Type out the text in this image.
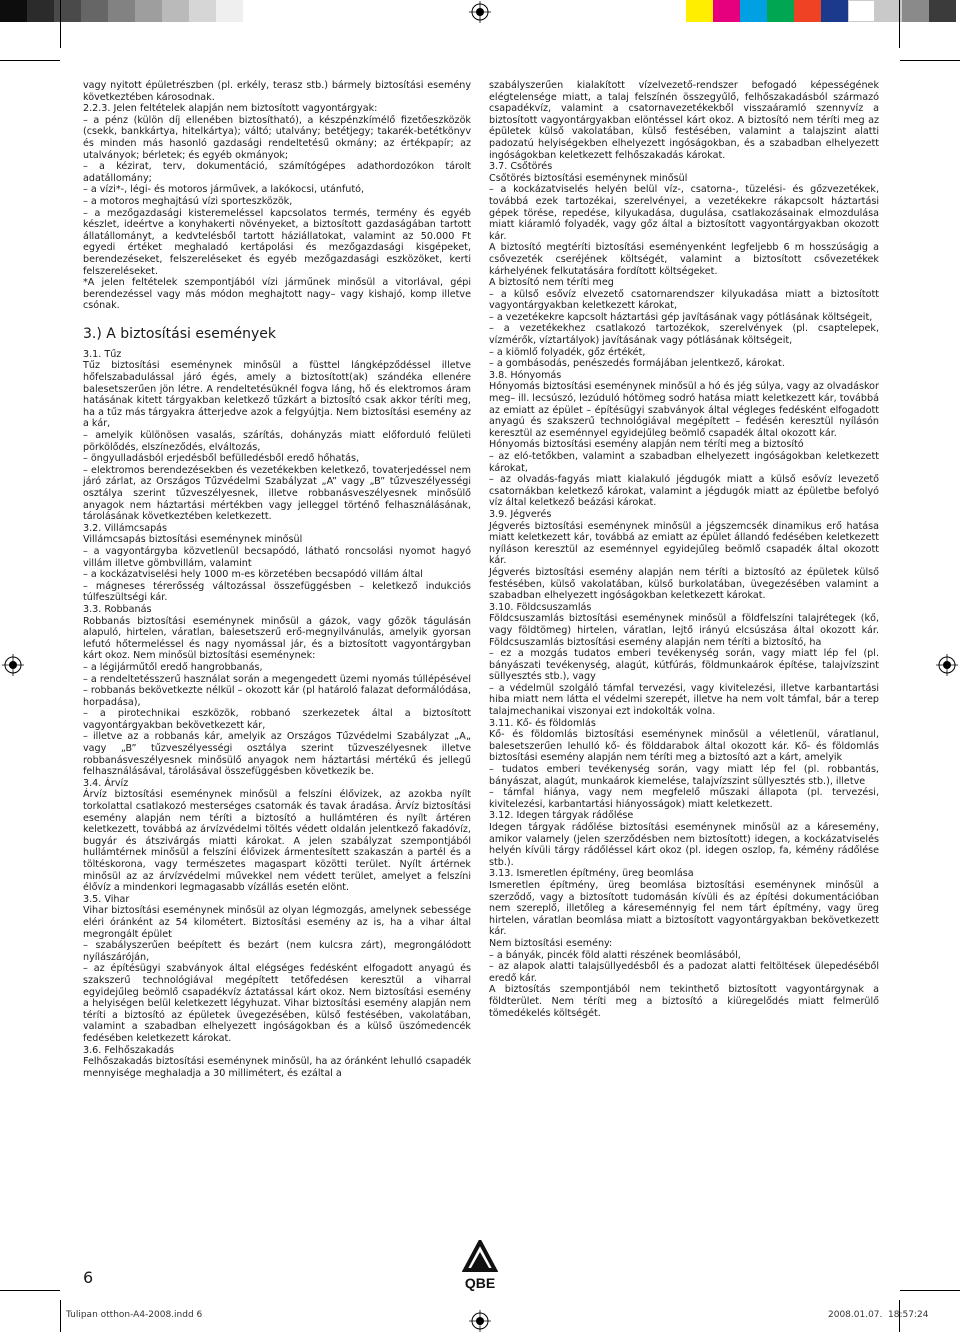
vagy nyitott épületrészben (pl. erkély, terasz stb.) bármely biztosítási esemény következtében károsodnak.

2.2.3. Jelen feltételek alapján nem biztosított vagyontárgyak:

– a pénz (külön díj ellenében biztosítható), a készpénzkímélő fizetőeszközök (csekk, bankkártya, hitelkártya); váltó; utalvány; betétjegy; takarék-betétkönyv és minden más hasonló gazdasági rendeltetésű okmány; az értékpapír; az utalványok; bérletek; és egyéb okmányok;

– a kézirat, terv, dokumentáció, számítógépes adathordozókon tárolt adatállomány;

– a vízi*-, légi- és motoros járművek, a lakókocsi, utánfutó,

– a motoros meghajtású vízi sporteszközök,

– a mezőgazdasági kisteremeléssel kapcsolatos termés, termény és egyéb készlet, ideértve a konyhakerti növényeket, a biztosított gazdaságában tartott állatállományt, a kedvtelésből tartott háziállatokat, valamint az 50.000 Ft egyedi értéket meghaladó kertápolási és mezőgazdasági kisgépeket, berendezéseket, felszereléseket és egyéb mezőgazdasági eszközöket, kerti felszereléseket.

*A jelen feltételek szempontjából vízi járműnek minősül a vitorlával, gépi berendezéssel vagy más módon meghajtott nagy– vagy kishajó, komp illetve csónak.

3.) A biztosítási események

3.1. Tűz

Tűz biztosítási eseménynek minősül a füsttel lángképződéssel illetve hőfelszabadulással járó égés, amely a biztosított(ak) szándéka ellenére balesetszerűen jön létre. A rendeltetésüknél fogva láng, hő és elektromos áram hatásának kitett tárgyakban keletkező tűzkárt a biztosító csak akkor téríti meg, ha a tűz más tárgyakra átterjedve azok a felgyújtja. Nem biztosítási esemény az a kár,

– amelyik különösen vasalás, szárítás, dohányzás miatt előforduló felületi pörkölődés, elszíneződés, elváltozás,

– öngyulladásból erjedésből befülledésből eredő hőhatás,

– elektromos berendezésekben és vezetékekben keletkező, tovaterjedéssel nem járó zárlat, az Országos Tűzvédelmi Szabályzat „A” vagy „B” tűzveszélyességi osztálya szerint tűzveszélyesnek, illetve robbanásveszélyesnek minősülő anyagok nem háztartási mértékben vagy jelleggel történő felhasználásának, tárolásának következtében keletkezett.

3.2. Villámcsapás

Villámcsapás biztosítási eseménynek minősül

– a vagyontárgyba közvetlenül becsapódó, látható roncsolási nyomot hagyó villám illetve gömbvillám, valamint

– a kockázatviselési hely 1000 m-es körzetében becsapódó villám által

– mágneses térerősség változással összefüggésben – keletkező indukciós túlfeszültségi kár.

3.3. Robbanás

Robbanás biztosítási eseménynek minősül a gázok, vagy gőzök tágulásán alapuló, hirtelen, váratlan, balesetszerű erő-megnyilvánulás, amelyik gyorsan lefutó hőtermeléssel és nagy nyomással jár, és a biztosított vagyontárgyban kárt okoz. Nem minősül biztosítási eseménynek:

– a légijárműtől eredő hangrobbanás,

– a rendeltetésszerű használat során a megengedett üzemi nyomás túllépésével – robbanás bekövetkezte nélkül – okozott kár (pl határoló falazat deformálódása, horpadása),

– a pirotechnikai eszközök, robbanó szerkezetek által a biztosított vagyontárgyakban bekövetkezett kár,

– illetve az a robbanás kár, amelyik az Országos Tűzvédelmi Szabályzat „A„ vagy „B” tűzveszélyességi osztálya szerint tűzveszélyesnek illetve robbanásveszélyesnek minősülő anyagok nem háztartási mértékű és jellegű felhasználásával, tárolásával összefüggésben következik be.

3.4. Árvíz

Árvíz biztosítási eseménynek minősül a felszíni élővizek, az azokba nyílt torkolattal csatlakozó mesterséges csatornák és tavak áradása. Árvíz biztosítási esemény alapján nem téríti a biztosító a hullámtéren és nyílt ártéren keletkezett, továbbá az árvízvédelmi töltés védett oldalán jelentkező fakadóvíz, bugyár és átszivárgás miatti károkat. A jelen szabályzat szempontjából hullámtérnek minősül a felszíni élővizek ármentesített szakaszán a partél és a töltéskorona, vagy természetes magaspart közötti terület. Nyílt ártérnek minősül az az árvízvédelmi művekkel nem védett terület, amelyet a felszíni élővíz a mindenkori legmagasabb vízállás esetén elönt.

3.5. Vihar

Vihar biztosítási eseménynek minősül az olyan légmozgás, amelynek sebessége eléri óránként az 54 kilométert. Biztosítási esemény az is, ha a vihar által megrongált épület

– szabályszerűen beépített és bezárt (nem kulcsra zárt), megrongálódott nyílászáróján,

– az építésügyi szabványok által elégséges fedésként elfogadott anyagú és szakszerű technológiával megépített tetőfedésen keresztül a viharral egyidejűleg beömlő csapadékvíz áztatással kárt okoz. Nem biztosítási esemény a helyiségen belül keletkezett légyhuzat. Vihar biztosítási esemény alapján nem téríti a biztosító az épületek üvegezésében, külső festésében, vakolatában, valamint a szabadban elhelyezett ingóságokban és a külső üszómedencék fedésében keletkezett károkat.

3.6. Felhőszakadás

Felhőszakadás biztosítási eseménynek minősül, ha az óránként lehulló csapadék mennyisége meghaladja a 30 millimétert, és ezáltal a

szabályszerűen kialakított vízelvezető-rendszer befogadó képességének elégtelensége miatt, a talaj felszínén összegyűlő, felhőszakadásból származó csapadékvíz, valamint a csatornavezetékekből visszaáramló szennyvíz a biztosított vagyontárgyakban elöntéssel kárt okoz. A biztosító nem téríti meg az épületek külső vakolatában, külső festésében, valamint a talajszint alatti padozatú helyiségekben elhelyezett ingóságokban, és a szabadban elhelyezett ingóságokban keletkezett felhőszakadás károkat.

3.7. Csőtörés

Csőtörés biztosítási eseménynek minősül

– a kockázatviselés helyén belül víz-, csatorna-, tüzelési- és gőzvezetékek, továbbá ezek tartozékai, szerelvényei, a vezetékekre rákapcsolt háztartási gépek törése, repedése, kilyukadása, dugulása, csatlakozásainak elmozdulása miatt kiáramló folyadék, vagy gőz által a biztosított vagyontárgyakban okozott kár.

A biztosító megtéríti biztosítási eseményenként legfeljebb 6 m hosszúságig a csővezeték cseréjének költségét, valamint a biztosított csővezetékek kárhelyének felkutatására fordított költségeket.

A biztosító nem téríti meg

– a külső esővíz elvezető csatornarendszer kilyukadása miatt a biztosított vagyontárgyakban keletkezett károkat,

– a vezetékekre kapcsolt háztartási gép javításának vagy pótlásának költségeit,

– a vezetékekhez csatlakozó tartozékok, szerelvények (pl. csaptelepek, vízmérők, víztartályok) javításának vagy pótlásának költségeit,

– a kiömlő folyadék, gőz értékét,

– a gombásodás, penészedés formájában jelentkező, károkat.

3.8. Hónyomás

Hónyomás biztosítási eseménynek minősül a hó és jég súlya, vagy az olvadáskor meg– ill. lecsúszó, lezúduló hótömeg sodró hatása miatt keletkezett kár, továbbá az emiatt az épület – építésügyi szabványok által végleges fedésként elfogadott anyagú és szakszerű technológiával megépített – fedésén keresztül nyílásón keresztül az eseménnyel egyidejűleg beömlő csapadék által okozott kár.

Hónyomás biztosítási esemény alapján nem téríti meg a biztosító

– az eló-tetőkben, valamint a szabadban elhelyezett ingóságokban keletkezett károkat,

– az olvadás-fagyás miatt kialakuló jégdugók miatt a külső esővíz levezető csatornákban keletkező károkat, valamint a jégdugók miatt az épületbe befolyó víz által keletkező beázási károkat.

3.9. Jégverés

Jégverés biztosítási eseménynek minősül a jégszemcsék dinamikus erő hatása miatt keletkezett kár, továbbá az emiatt az épület állandó fedésében keletkezett nyíláson keresztül az eseménnyel egyidejűleg beömlő csapadék által okozott kár.

Jégverés biztosítási esemény alapján nem téríti a biztosító az épületek külső festésében, külső vakolatában, külső burkolatában, üvegezésében valamint a szabadban elhelyezett ingóságokban keletkezett károkat.

3.10. Földcsuszamlás

Földcsuszamlás biztosítási eseménynek minősül a földfelszíni talajrétegek (kő, vagy földtömeg) hirtelen, váratlan, lejtő irányú elcsúszása által okozott kár. Földcsuszamlás biztosítási esemény alapján nem téríti a biztosító, ha

– ez a mozgás tudatos emberi tevékenység során, vagy miatt lép fel (pl. bányászati tevékenység, alagút, kútfúrás, földmunkaárok építése, talajvízszint süllyesztés stb.), vagy

– a védelmül szolgáló támfal tervezési, vagy kivitelezési, illetve karbantartási hiba miatt nem látta el védelmi szerepét, illetve ha nem volt támfal, bár a terep talajmechanikai viszonyai ezt indokolták volna.

3.11. Kő- és földomlás

Kő- és földomlás biztosítási eseménynek minősül a véletlenül, váratlanul, balesetszerűen lehulló kő- és földdarabok által okozott kár. Kő- és földomlás biztosítási esemény alapján nem téríti meg a biztosító azt a kárt, amelyik

– tudatos emberi tevékenység során, vagy miatt lép fel (pl. robbantás, bányászat, alagút, munkaárok kiemelése, talajvízszint süllyesztés stb.), illetve

– támfal hiánya, vagy nem megfelelő műszaki állapota (pl. tervezési, kivitelezési, karbantartási hiányosságok) miatt keletkezett.

3.12. Idegen tárgyak rádőlése

Idegen tárgyak rádőlése biztosítási eseménynek minősül az a káresemény, amikor valamely (jelen szerződésben nem biztosított) idegen, a kockázatviselés helyén kívüli tárgy rádőléssel kárt okoz (pl. idegen oszlop, fa, kémény rádőlése stb.).

3.13. Ismeretlen építmény, üreg beomlása

Ismeretlen építmény, üreg beomlása biztosítási eseménynek minősül a szerződő, vagy a biztosított tudomásán kívüli és az építési dokumentációban nem szereplő, illetőleg a káreseménnyig fel nem tárt építmény, vagy üreg hirtelen, váratlan beomlása miatt a biztosított vagyontárgyakban bekövetkezett kár.

Nem biztosítási esemény:

– a bányák, pincék föld alatti részének beomlásából,

– az alapok alatti talajsüllyedésből és a padozat alatti feltöltések ülepedéséből eredő kár.

A biztosítás szempontjából nem tekinthető biztosított vagyontárgynak a földterület. Nem téríti meg a biztosító a kiüregelődés miatt felmerülő tömedékelés költségét.

6	QBE
Tulipan otthon-A4-2008.indd 6	2008.01.07. 18:57:24
